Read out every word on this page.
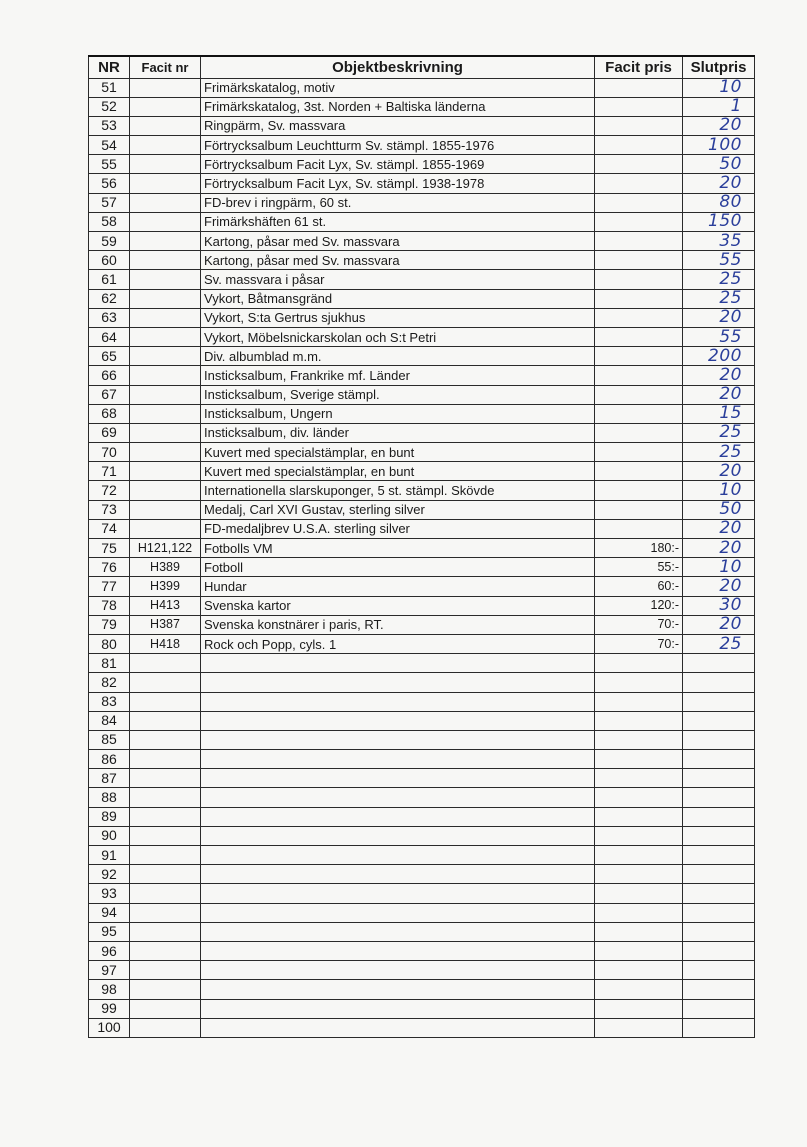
NR	Facit nr	Objektbeskrivning	Facit pris	Slutpris
51		Frimärkskatalog, motiv		10
52		Frimärkskatalog, 3st. Norden + Baltiska länderna		1
53		Ringpärm, Sv. massvara		20
54		Förtrycksalbum Leuchtturm Sv. stämpl. 1855-1976		100
55		Förtrycksalbum Facit Lyx, Sv. stämpl. 1855-1969		50
56		Förtrycksalbum Facit Lyx, Sv. stämpl. 1938-1978		20
57		FD-brev i ringpärm, 60 st.		80
58		Frimärkshäften 61 st.		150
59		Kartong, påsar med Sv. massvara		35
60		Kartong, påsar med Sv. massvara		55
61		Sv. massvara i påsar		25
62		Vykort, Båtmansgränd		25
63		Vykort, S:ta Gertrus sjukhus		20
64		Vykort, Möbelsnickarskolan och S:t Petri		55
65		Div. albumblad m.m.		200
66		Insticksalbum, Frankrike mf. Länder		20
67		Insticksalbum, Sverige stämpl.		20
68		Insticksalbum, Ungern		15
69		Insticksalbum, div. länder		25
70		Kuvert med specialstämplar, en bunt		25
71		Kuvert med specialstämplar, en bunt		20
72		Internationella slarskuponger, 5 st. stämpl. Skövde		10
73		Medalj, Carl XVI Gustav, sterling silver		50
74		FD-medaljbrev U.S.A. sterling silver		20
75	H121,122	Fotbolls VM	180:-	20
76	H389	Fotboll	55:-	10
77	H399	Hundar	60:-	20
78	H413	Svenska kartor	120:-	30
79	H387	Svenska konstnärer i paris, RT.	70:-	20
80	H418	Rock och Popp, cyls. 1	70:-	25
81				
82				
83				
84				
85				
86				
87				
88				
89				
90				
91				
92				
93				
94				
95				
96				
97				
98				
99				
100				
